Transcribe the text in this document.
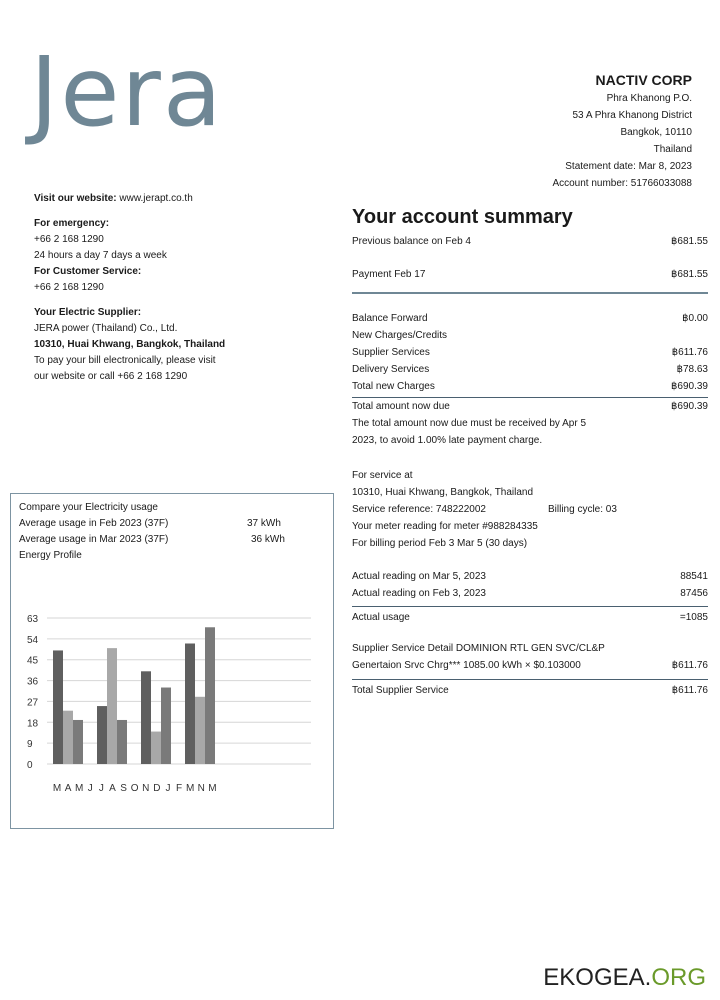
Jera	NACTIV CORP
Phra Khanong P.O.
53 A Phra Khanong District
Bangkok, 10110
Thailand
Statement date: Mar 8, 2023
Account number: 51766033088
Visit our website: www.jerapt.co.th
For emergency:
+66 2 168 1290
24 hours a day 7 days a week
For Customer Service:
+66 2 168 1290
Your Electric Supplier:
JERA power (Thailand) Co., Ltd.
10310, Huai Khwang, Bangkok, Thailand
To pay your bill electronically, please visit
our website or call +66 2 168 1290
Your account summary
Previous balance on Feb 4	฿681.55
Payment Feb 17	฿681.55
Balance Forward	฿0.00
New Charges/Credits
Supplier Services	฿611.76
Delivery Services	฿78.63
Total new Charges	฿690.39
Total amount now due	฿690.39
The total amount now due must be received by Apr 5
2023, to avoid 1.00% late payment charge.
For service at
10310, Huai Khwang, Bangkok, Thailand
Service reference: 748222002	Billing cycle: 03
Your meter reading for meter #988284335
For billing period Feb 3 Mar 5 (30 days)
Actual reading on Mar 5, 2023	88541
Actual reading on Feb 3, 2023	87456
Actual usage	=1085
Supplier Service Detail DOMINION RTL GEN SVC/CL&P
Genertaion Srvc Chrg*** 1085.00 kWh × $0.103000	฿611.76
Total Supplier Service	฿611.76
Compare your Electricity usage
Average usage in Feb 2023 (37F)	37 kWh
Average usage in Mar 2023 (37F)	36 kWh
Energy Profile
63
54
45
36
27
18
9
0
M A M J J A S O N D J F M N M
EKOGEA.ORG
